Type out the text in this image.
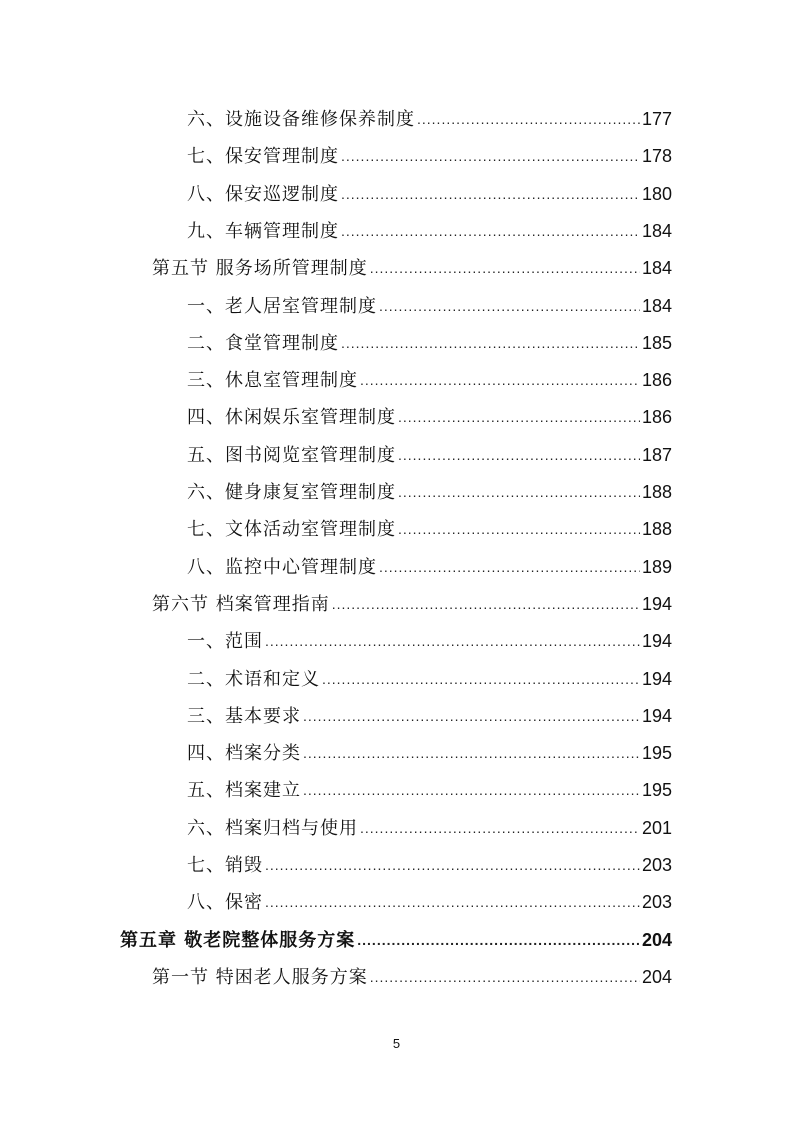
六、设施设备维修保养制度 .....	177
七、保安管理制度 .....	178
八、保安巡逻制度 .....	180
九、车辆管理制度 .....	184
第五节 服务场所管理制度 .....	184
一、老人居室管理制度 .....	184
二、食堂管理制度 .....	185
三、休息室管理制度 .....	186
四、休闲娱乐室管理制度 .....	186
五、图书阅览室管理制度 .....	187
六、健身康复室管理制度 .....	188
七、文体活动室管理制度 .....	188
八、监控中心管理制度 .....	189
第六节 档案管理指南 .....	194
一、范围 .....	194
二、术语和定义 .....	194
三、基本要求 .....	194
四、档案分类 .....	195
五、档案建立 .....	195
六、档案归档与使用 .....	201
七、销毁 .....	203
八、保密 .....	203
第五章 敬老院整体服务方案 .....	204
第一节 特困老人服务方案 .....	204
5
